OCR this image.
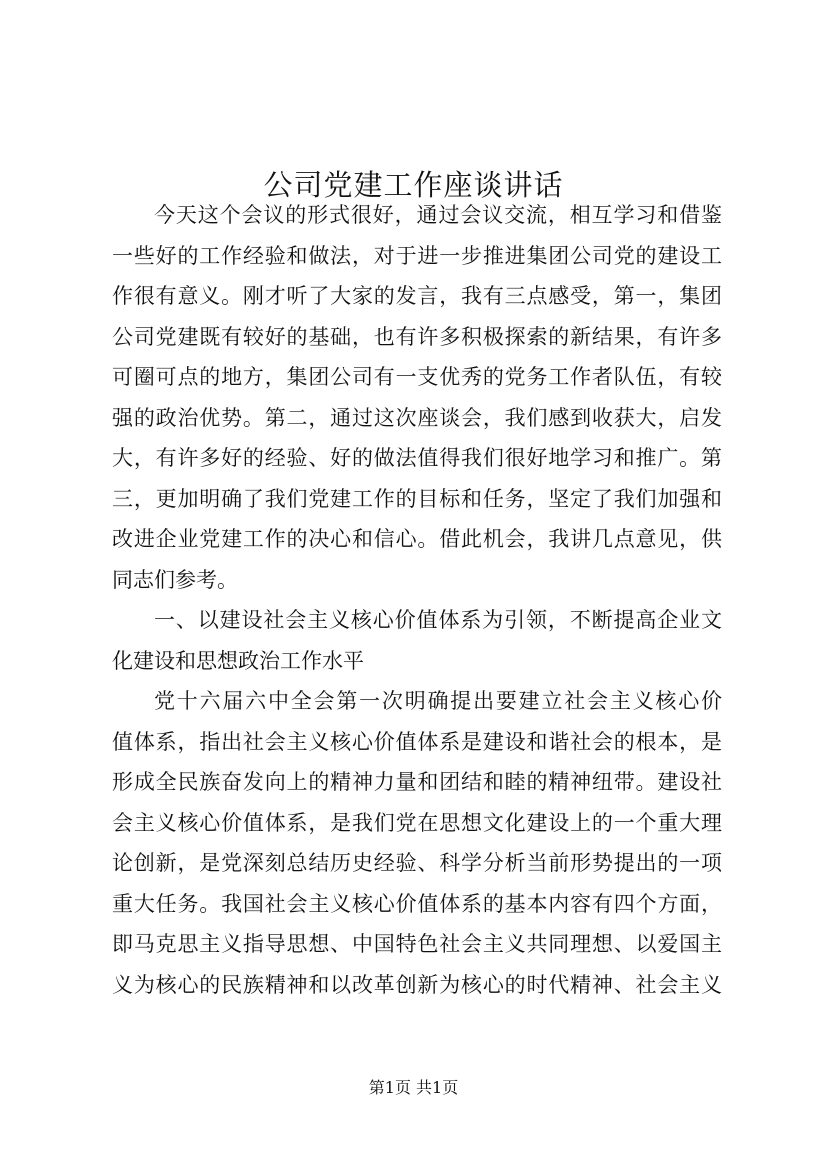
公司党建工作座谈讲话
今天这个会议的形式很好，通过会议交流，相互学习和借鉴
一些好的工作经验和做法，对于进一步推进集团公司党的建设工
作很有意义。刚才听了大家的发言，我有三点感受，第一，集团
公司党建既有较好的基础，也有许多积极探索的新结果，有许多
可圈可点的地方，集团公司有一支优秀的党务工作者队伍，有较
强的政治优势。第二，通过这次座谈会，我们感到收获大，启发
大，有许多好的经验、好的做法值得我们很好地学习和推广。第
三，更加明确了我们党建工作的目标和任务，坚定了我们加强和
改进企业党建工作的决心和信心。借此机会，我讲几点意见，供
同志们参考。
一、以建设社会主义核心价值体系为引领，不断提高企业文
化建设和思想政治工作水平
党十六届六中全会第一次明确提出要建立社会主义核心价
值体系，指出社会主义核心价值体系是建设和谐社会的根本，是
形成全民族奋发向上的精神力量和团结和睦的精神纽带。建设社
会主义核心价值体系，是我们党在思想文化建设上的一个重大理
论创新，是党深刻总结历史经验、科学分析当前形势提出的一项
重大任务。我国社会主义核心价值体系的基本内容有四个方面，
即马克思主义指导思想、中国特色社会主义共同理想、以爱国主
义为核心的民族精神和以改革创新为核心的时代精神、社会主义
第1页 共1页
